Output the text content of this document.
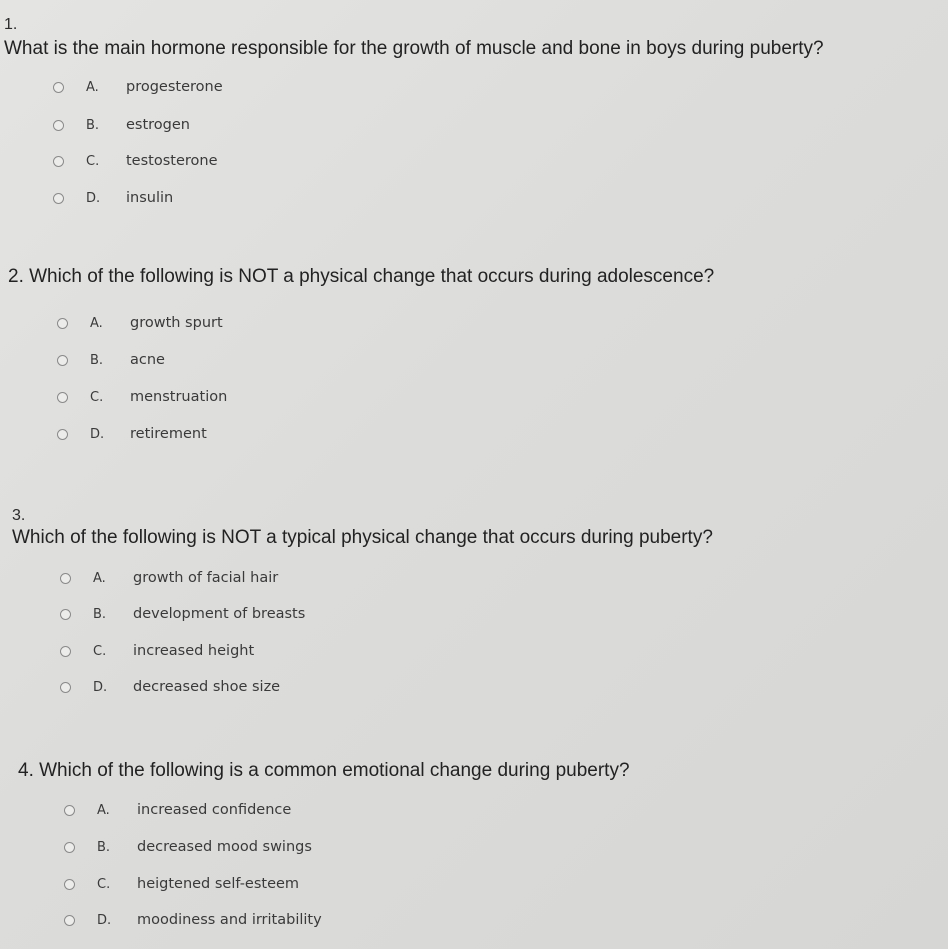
1.
What is the main hormone responsible for the growth of muscle and bone in boys during puberty?
A.	progesterone
B.	estrogen
C.	testosterone
D.	insulin
2. Which of the following is NOT a physical change that occurs during adolescence?
A.	growth spurt
B.	acne
C.	menstruation
D.	retirement
3.
Which of the following is NOT a typical physical change that occurs during puberty?
A.	growth of facial hair
B.	development of breasts
C.	increased height
D.	decreased shoe size
4. Which of the following is a common emotional change during puberty?
A.	increased confidence
B.	decreased mood swings
C.	heigtened self-esteem
D.	moodiness and irritability
